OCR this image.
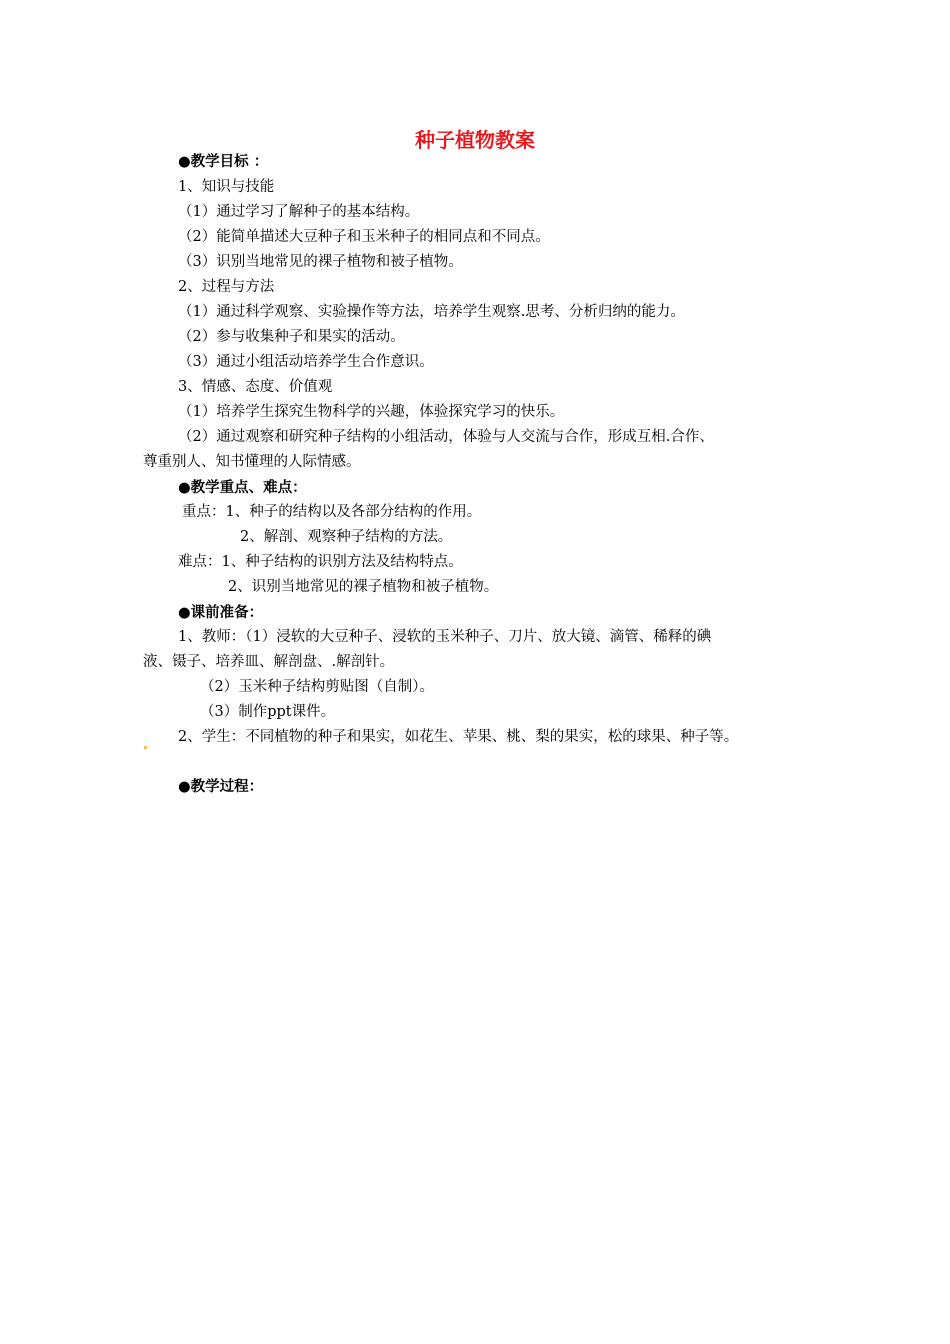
种子植物教案
●教学目标 ：
1、知识与技能
（1）通过学习了解种子的基本结构。
（2）能简单描述大豆种子和玉米种子的相同点和不同点。
（3）识别当地常见的裸子植物和被子植物。
2、过程与方法
（1）通过科学观察、实验操作等方法，培养学生观察.思考、分析归纳的能力。
（2）参与收集种子和果实的活动。
（3）通过小组活动培养学生合作意识。
3、情感、态度、价值观
（1）培养学生探究生物科学的兴趣，体验探究学习的快乐。
（2）通过观察和研究种子结构的小组活动，体验与人交流与合作，形成互相.合作、
尊重别人、知书懂理的人际情感。
●教学重点、难点：
重点：1、种子的结构以及各部分结构的作用。
2、解剖、观察种子结构的方法。
难点：1、种子结构的识别方法及结构特点。
2、识别当地常见的裸子植物和被子植物。
●课前准备：
1、教师：（1）浸软的大豆种子、浸软的玉米种子、刀片、放大镜、滴管、稀释的碘
液、镊子、培养皿、解剖盘、.解剖针。
（2）玉米种子结构剪贴图（自制）。
（3）制作ppt课件。
2、学生：不同植物的种子和果实，如花生、苹果、桃、梨的果实，松的球果、种子等。
●教学过程：
